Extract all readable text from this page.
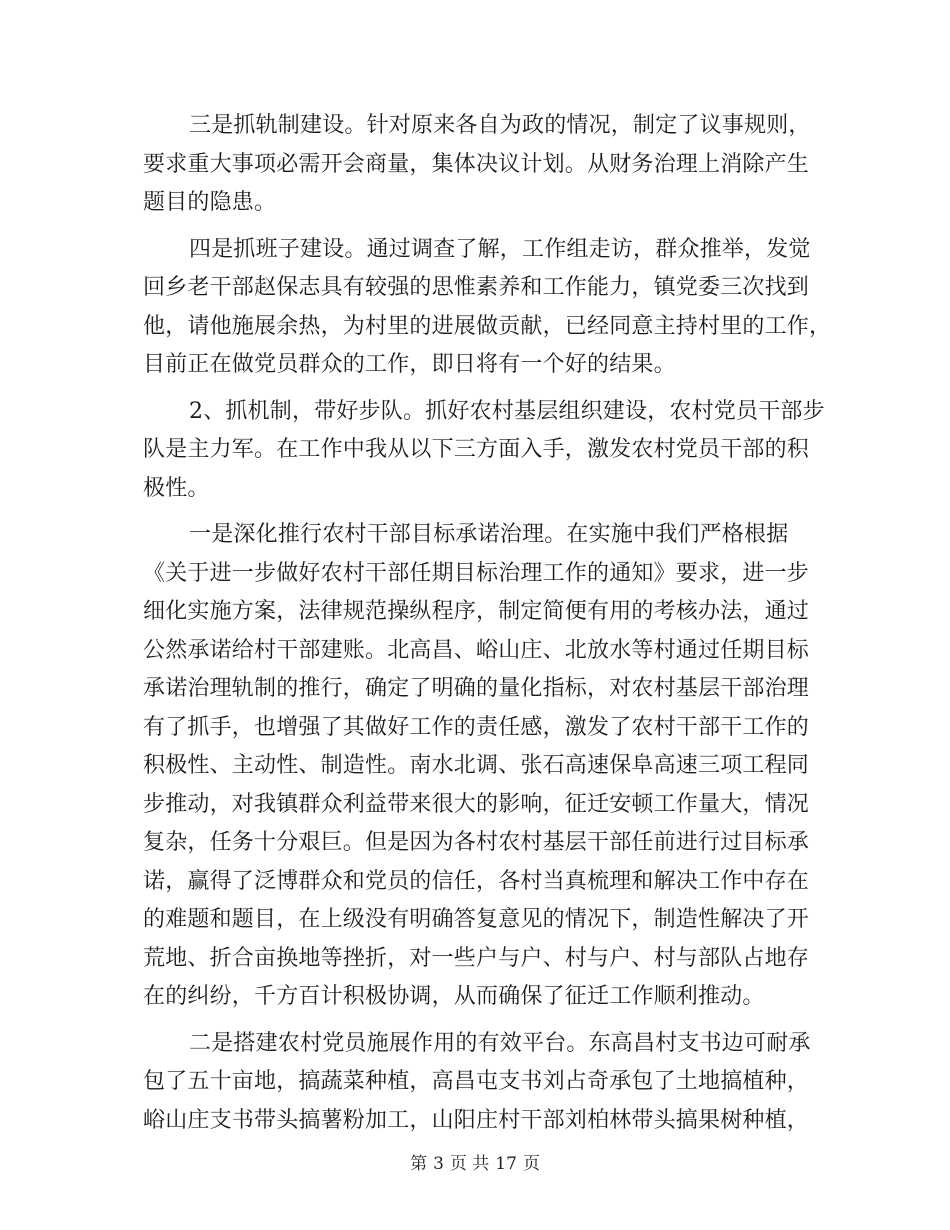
三是抓轨制建设。针对原来各自为政的情况，制定了议事规则，
要求重大事项必需开会商量，集体决议计划。从财务治理上消除产生
题目的隐患。
四是抓班子建设。通过调查了解，工作组走访，群众推举，发觉
回乡老干部赵保志具有较强的思惟素养和工作能力，镇党委三次找到
他，请他施展余热，为村里的进展做贡献，已经同意主持村里的工作，
目前正在做党员群众的工作，即日将有一个好的结果。
2、抓机制，带好步队。抓好农村基层组织建设，农村党员干部步
队是主力军。在工作中我从以下三方面入手，激发农村党员干部的积
极性。
一是深化推行农村干部目标承诺治理。在实施中我们严格根据
《关于进一步做好农村干部任期目标治理工作的通知》要求，进一步
细化实施方案，法律规范操纵程序，制定简便有用的考核办法，通过
公然承诺给村干部建账。北高昌、峪山庄、北放水等村通过任期目标
承诺治理轨制的推行，确定了明确的量化指标，对农村基层干部治理
有了抓手，也增强了其做好工作的责任感，激发了农村干部干工作的
积极性、主动性、制造性。南水北调、张石高速保阜高速三项工程同
步推动，对我镇群众利益带来很大的影响，征迁安顿工作量大，情况
复杂，任务十分艰巨。但是因为各村农村基层干部任前进行过目标承
诺，赢得了泛博群众和党员的信任，各村当真梳理和解决工作中存在
的难题和题目，在上级没有明确答复意见的情况下，制造性解决了开
荒地、折合亩换地等挫折，对一些户与户、村与户、村与部队占地存
在的纠纷，千方百计积极协调，从而确保了征迁工作顺利推动。
二是搭建农村党员施展作用的有效平台。东高昌村支书边可耐承
包了五十亩地，搞蔬菜种植，高昌屯支书刘占奇承包了土地搞植种，
峪山庄支书带头搞薯粉加工，山阳庄村干部刘柏林带头搞果树种植，
第 3 页 共 17 页
